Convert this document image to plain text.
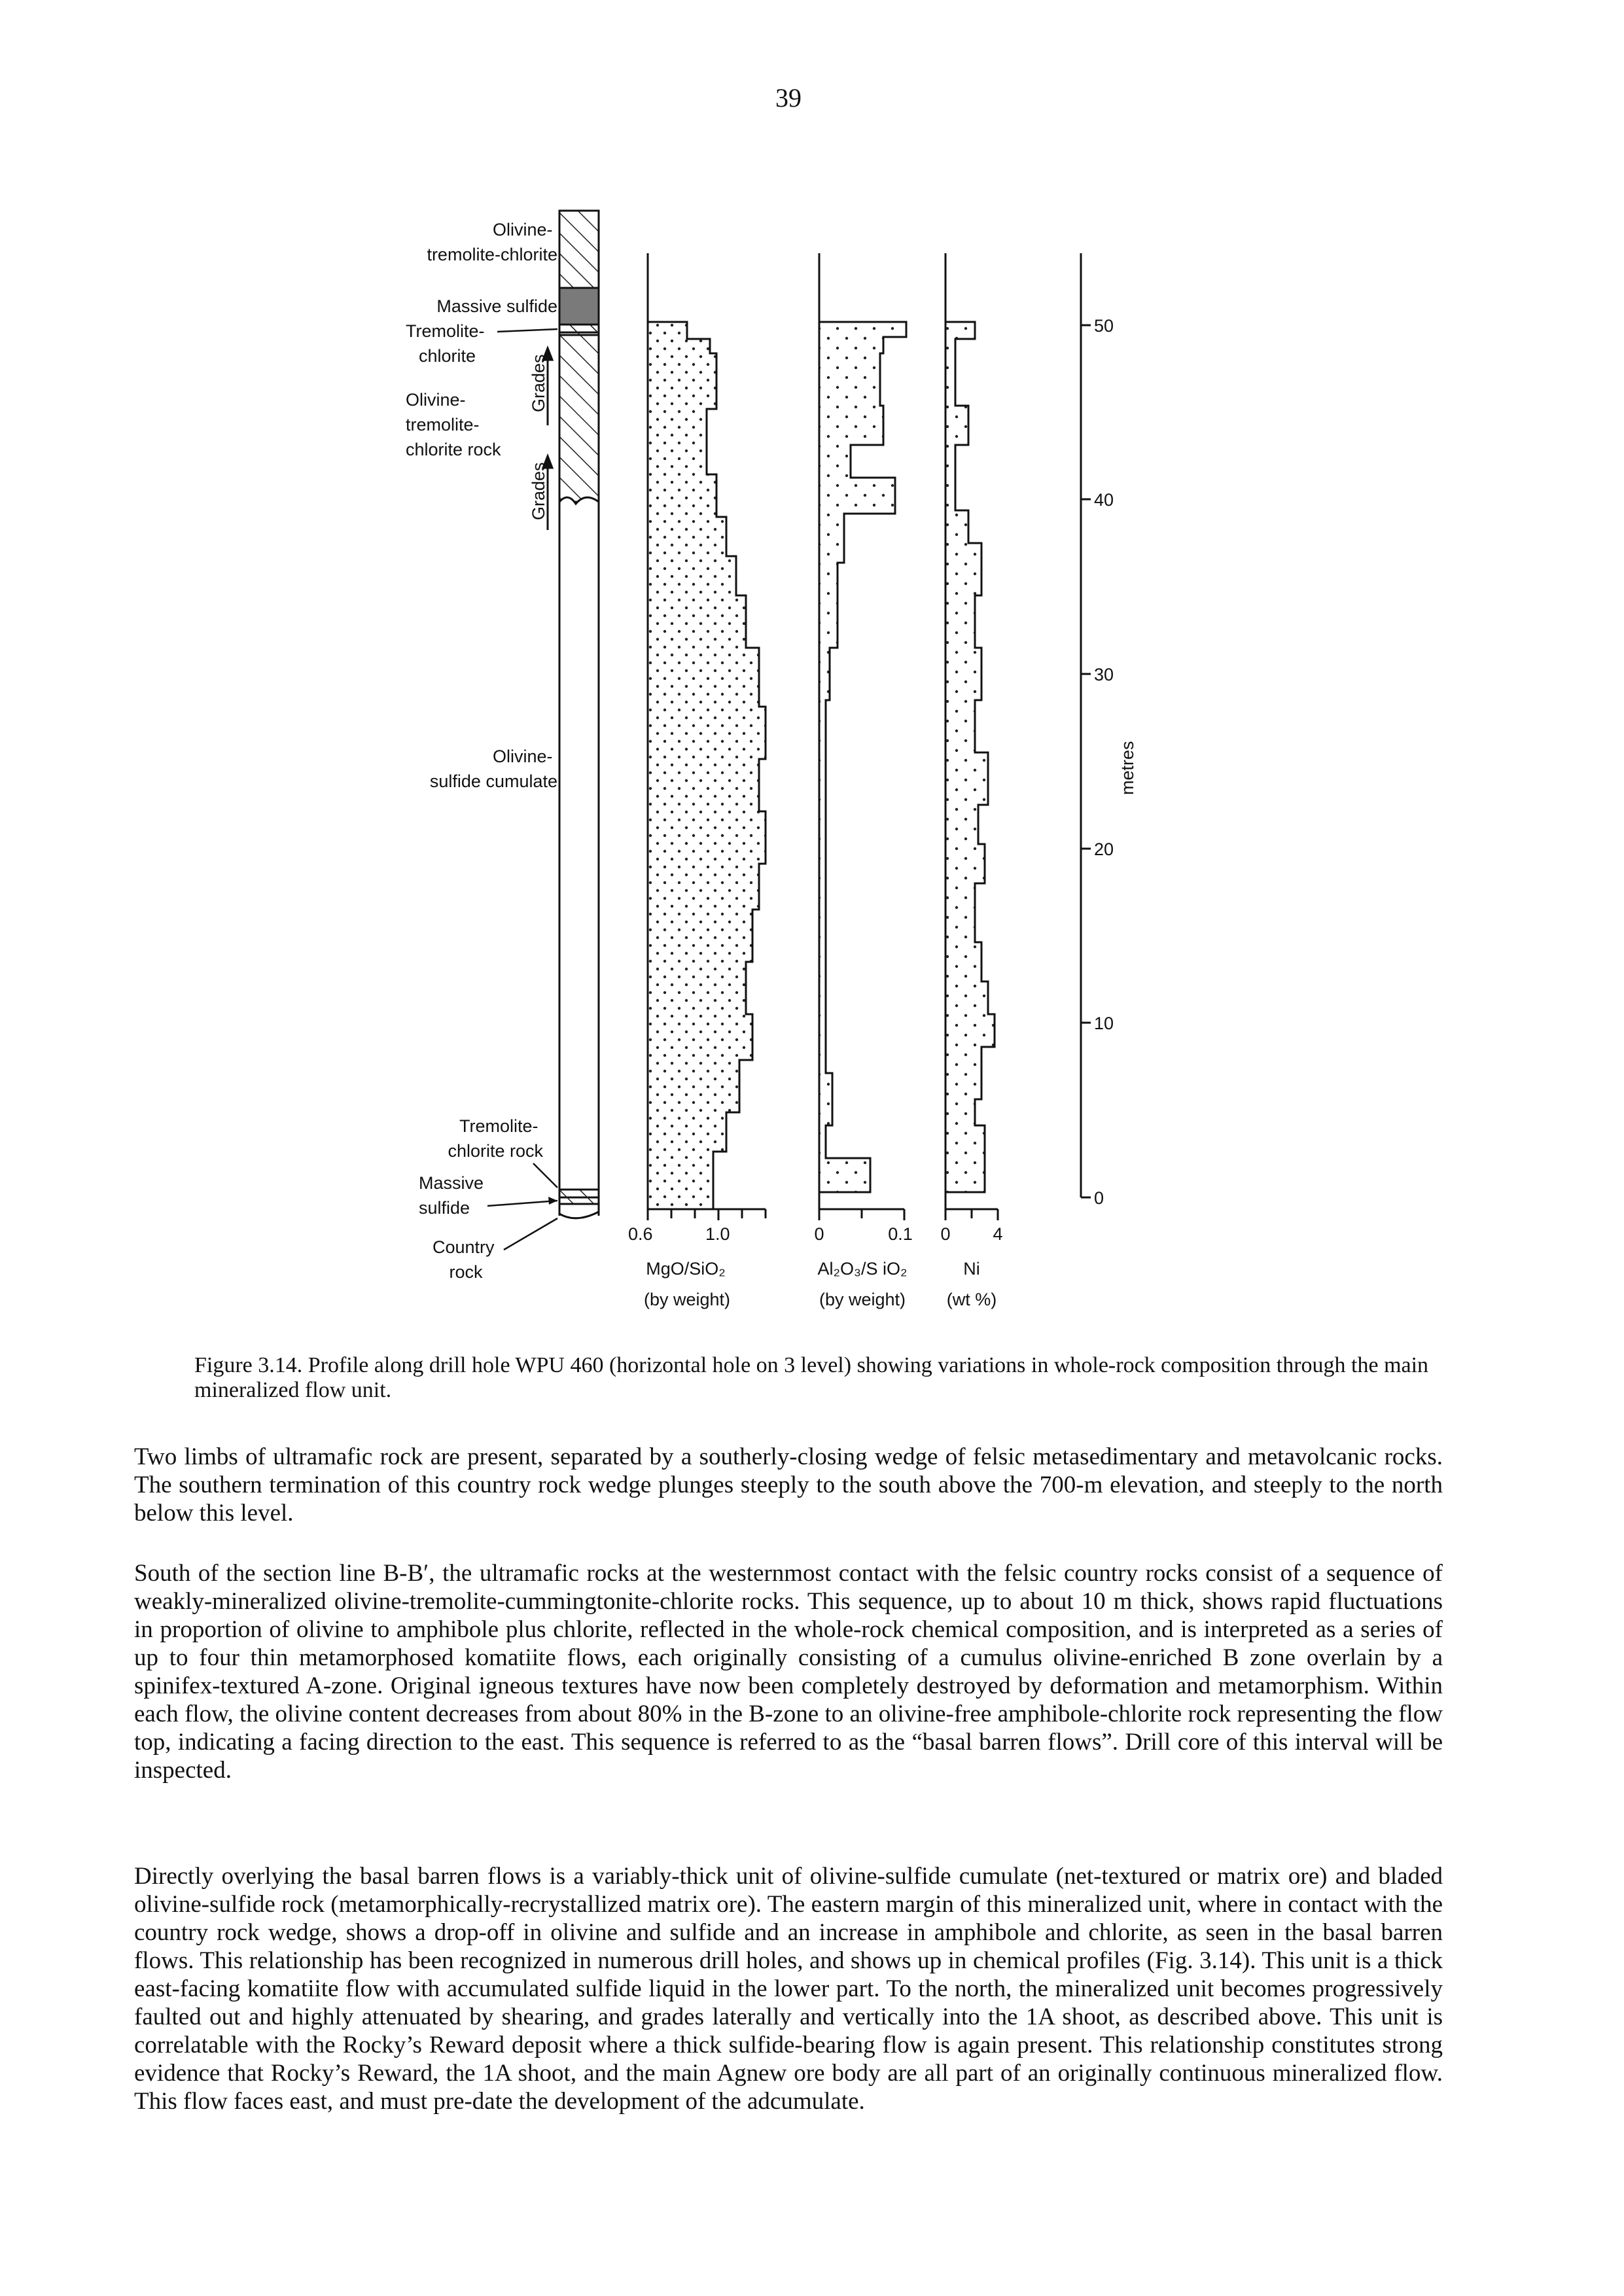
39
Olivine- tremolite-chlorite
Massive sulfide
Tremolite- chlorite
Olivine- tremolite- chlorite rock
Grades
Grades
Olivine- sulfide cumulate
Tremolite- chlorite rock
Massive sulfide
Country rock
0.6	1.0
MgO/SiO₂
(by weight)
0	0.1
Al₂O₃/S iO₂
(by weight)
0 4
Ni
(wt %)
50
40
30
20
10
0
metres
Figure 3.14. Profile along drill hole WPU 460 (horizontal hole on 3 level) showing variations in whole-rock composition through the main mineralized flow unit.

Two limbs of ultramafic rock are present, separated by a southerly-closing wedge of felsic metasedimentary and metavolcanic rocks. The southern termination of this country rock wedge plunges steeply to the south above the 700-m elevation, and steeply to the north below this level.

South of the section line B-B′, the ultramafic rocks at the westernmost contact with the felsic country rocks consist of a sequence of weakly-mineralized olivine-tremolite-cummingtonite-chlorite rocks. This sequence, up to about 10 m thick, shows rapid fluctuations in proportion of olivine to amphibole plus chlorite, reflected in the whole-rock chemical composition, and is interpreted as a series of up to four thin metamorphosed komatiite flows, each originally consisting of a cumulus olivine-enriched B zone overlain by a spinifex-textured A-zone. Original igneous textures have now been completely destroyed by deformation and metamorphism. Within each flow, the olivine content decreases from about 80% in the B-zone to an olivine-free amphibole-chlorite rock representing the flow top, indicating a facing direction to the east. This sequence is referred to as the “basal barren flows”. Drill core of this interval will be inspected.

Directly overlying the basal barren flows is a variably-thick unit of olivine-sulfide cumulate (net-textured or matrix ore) and bladed olivine-sulfide rock (metamorphically-recrystallized matrix ore). The eastern margin of this mineralized unit, where in contact with the country rock wedge, shows a drop-off in olivine and sulfide and an increase in amphibole and chlorite, as seen in the basal barren flows. This relationship has been recognized in numerous drill holes, and shows up in chemical profiles (Fig. 3.14). This unit is a thick east-facing komatiite flow with accumulated sulfide liquid in the lower part. To the north, the mineralized unit becomes progressively faulted out and highly attenuated by shearing, and grades laterally and vertically into the 1A shoot, as described above. This unit is correlatable with the Rocky’s Reward deposit where a thick sulfide-bearing flow is again present. This relationship constitutes strong evidence that Rocky’s Reward, the 1A shoot, and the main Agnew ore body are all part of an originally continuous mineralized flow. This flow faces east, and must pre-date the development of the adcumulate.
